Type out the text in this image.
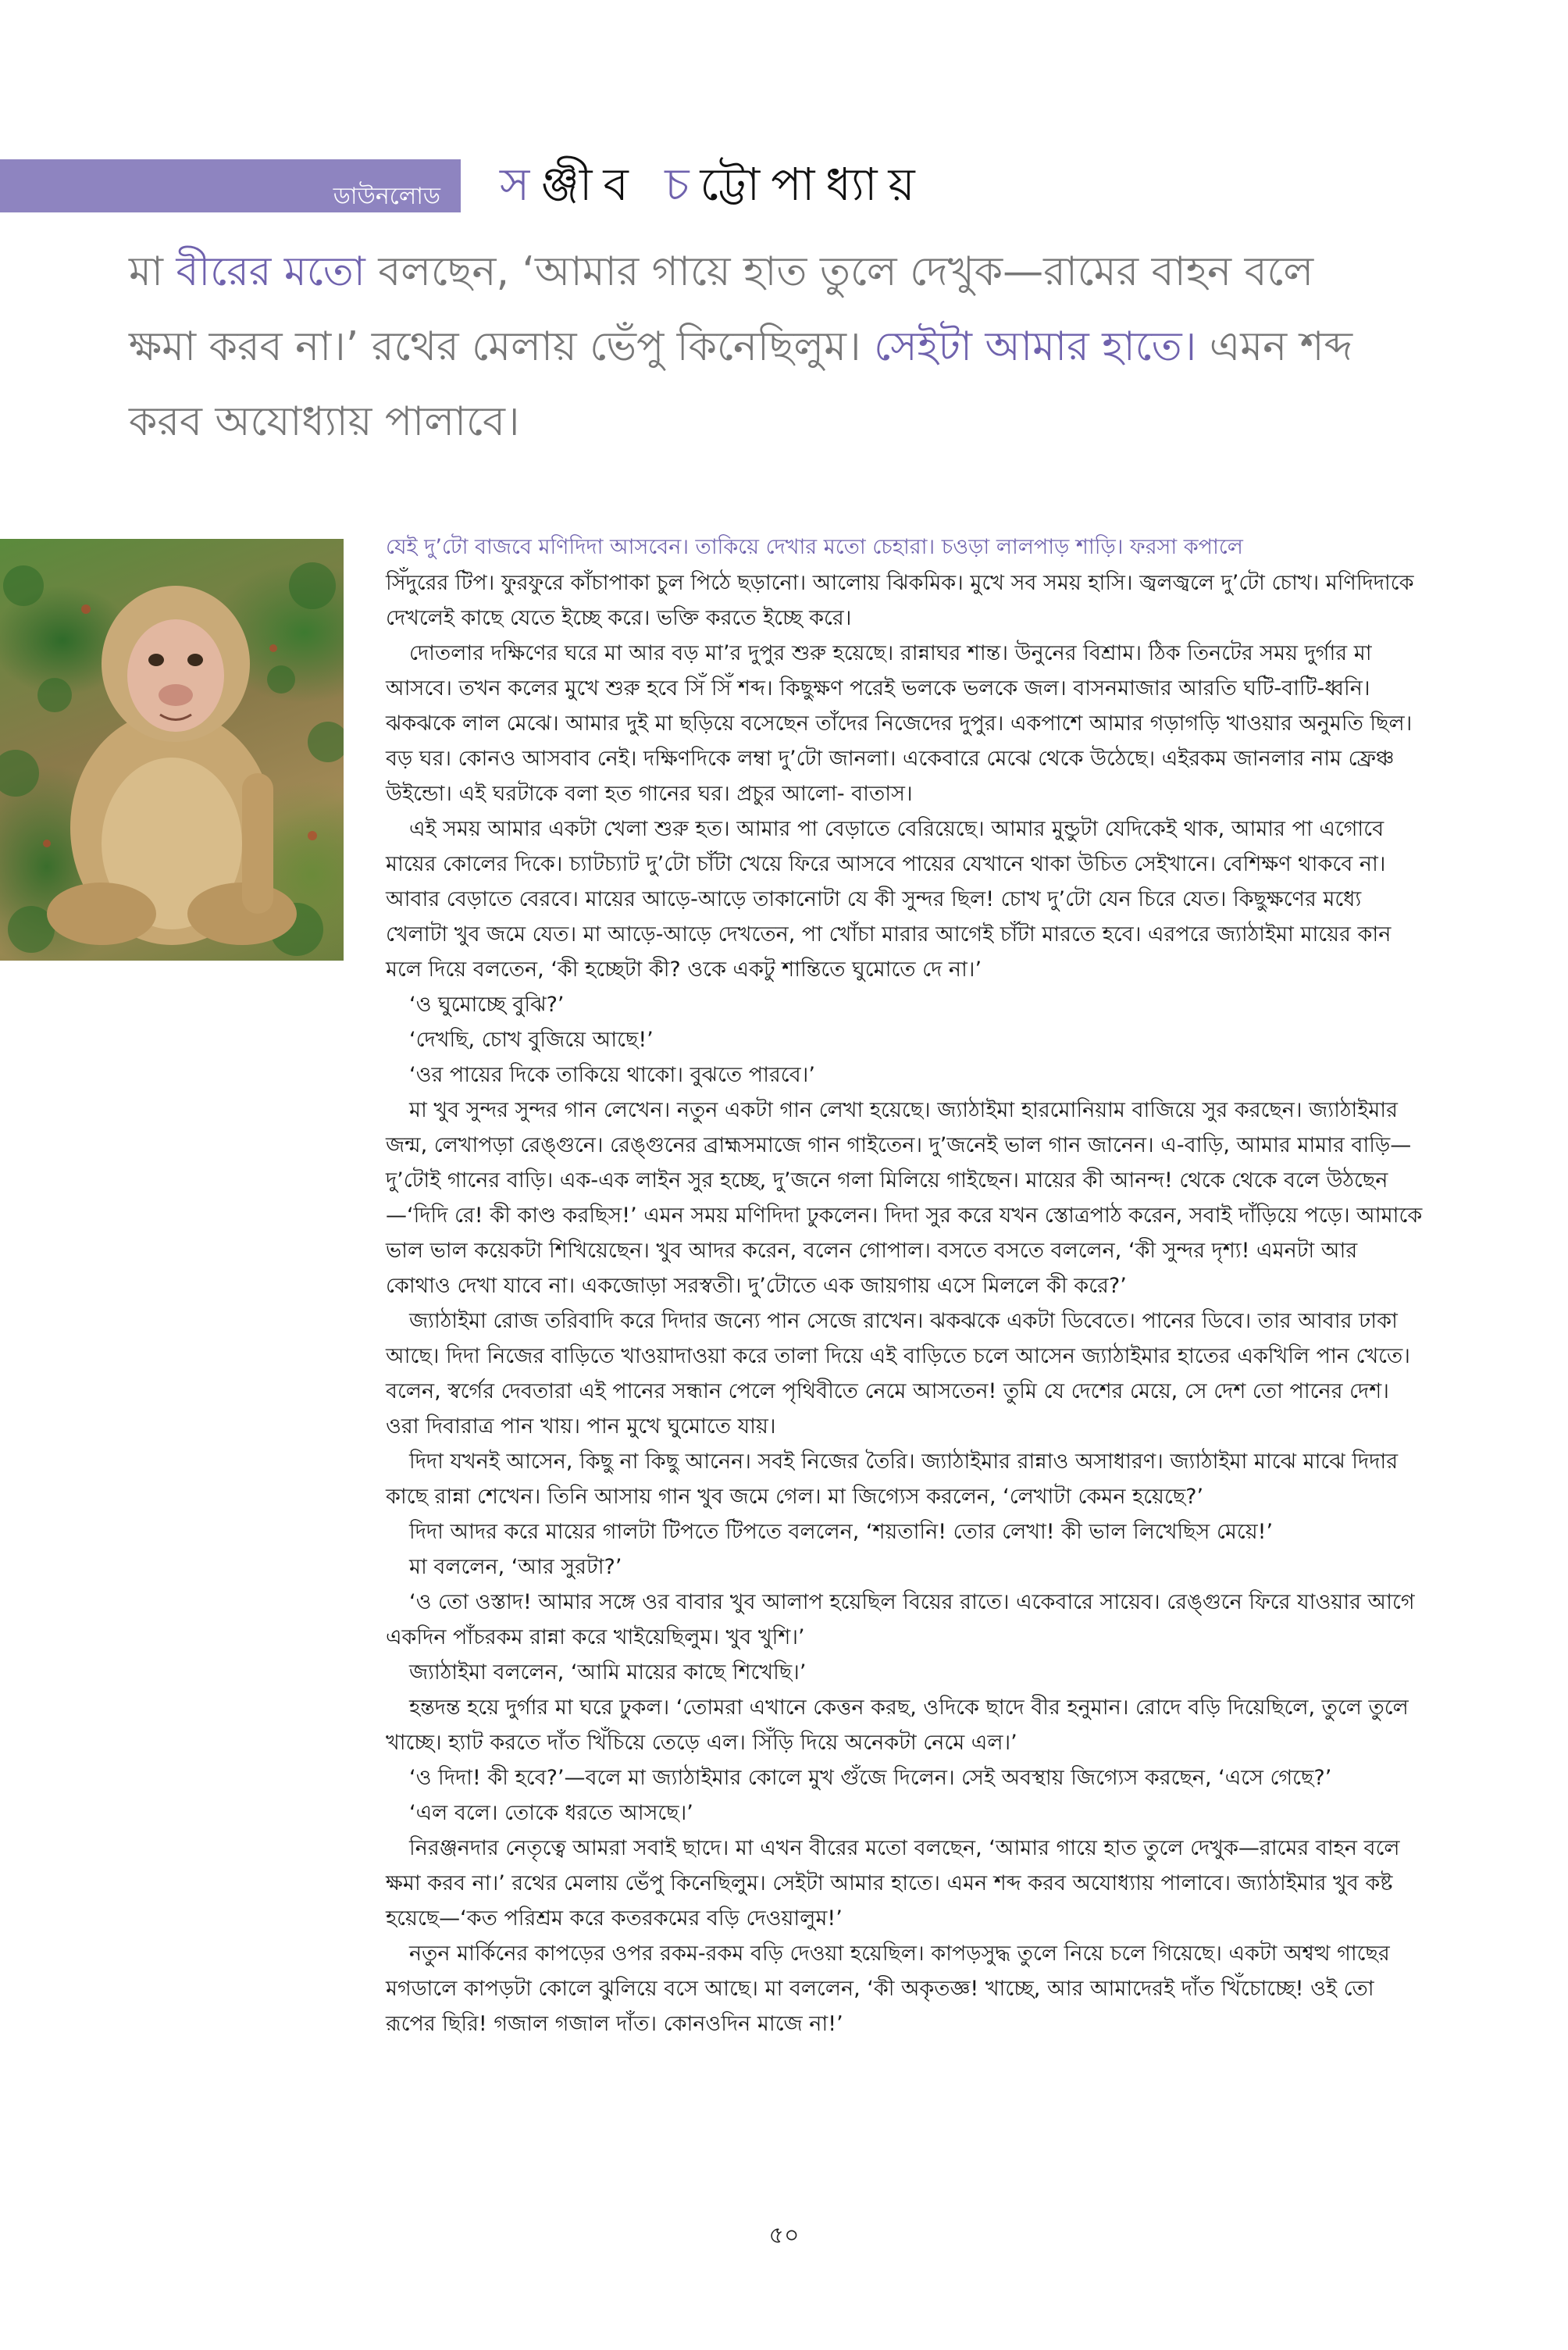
ডাউনলোড সঞ্জীব চট্টোপাধ্যায়
মা বীরের মতো বলছেন, ‘আমার গায়ে হাত তুলে দেখুক—রামের বাহন বলে ক্ষমা করব না।’ রথের মেলায় ভেঁপু কিনেছিলুম। সেইটা আমার হাতে। এমন শব্দ করব অযোধ্যায় পালাবে।
যেই দু’টো বাজবে মণিদিদা আসবেন। তাকিয়ে দেখার মতো চেহারা। চওড়া লালপাড় শাড়ি। ফরসা কপালে

সিঁদুরের টিপ। ফুরফুরে কাঁচাপাকা চুল পিঠে ছড়ানো। আলোয় ঝিকমিক। মুখে সব সময় হাসি। জ্বলজ্বলে দু’টো চোখ। মণিদিদাকে দেখলেই কাছে যেতে ইচ্ছে করে। ভক্তি করতে ইচ্ছে করে।

দোতলার দক্ষিণের ঘরে মা আর বড় মা’র দুপুর শুরু হয়েছে। রান্নাঘর শান্ত। উনুনের বিশ্রাম। ঠিক তিনটের সময় দুর্গার মা আসবে। তখন কলের মুখে শুরু হবে সিঁ সিঁ শব্দ। কিছুক্ষণ পরেই ভলকে ভলকে জল। বাসনমাজার আরতি ঘটি-বাটি-ধ্বনি। ঝকঝকে লাল মেঝে। আমার দুই মা ছড়িয়ে বসেছেন তাঁদের নিজেদের দুপুর। একপাশে আমার গড়াগড়ি খাওয়ার অনুমতি ছিল। বড় ঘর। কোনও আসবাব নেই। দক্ষিণদিকে লম্বা দু’টো জানলা। একেবারে মেঝে থেকে উঠেছে। এইরকম জানলার নাম ফ্রেঞ্চ উইন্ডো। এই ঘরটাকে বলা হত গানের ঘর। প্রচুর আলো- বাতাস।

এই সময় আমার একটা খেলা শুরু হত। আমার পা বেড়াতে বেরিয়েছে। আমার মুন্ডুটা যেদিকেই থাক, আমার পা এগোবে মায়ের কোলের দিকে। চ্যাটচ্যাট দু’টো চাঁটা খেয়ে ফিরে আসবে পায়ের যেখানে থাকা উচিত সেইখানে। বেশিক্ষণ থাকবে না। আবার বেড়াতে বেরবে। মায়ের আড়ে-আড়ে তাকানোটা যে কী সুন্দর ছিল! চোখ দু’টো যেন চিরে যেত। কিছুক্ষণের মধ্যে খেলাটা খুব জমে যেত। মা আড়ে-আড়ে দেখতেন, পা খোঁচা মারার আগেই চাঁটা মারতে হবে। এরপরে জ্যাঠাইমা মায়ের কান মলে দিয়ে বলতেন, ‘কী হচ্ছেটা কী? ওকে একটু শান্তিতে ঘুমোতে দে না।’

‘ও ঘুমোচ্ছে বুঝি?’

‘দেখছি, চোখ বুজিয়ে আছে!’

‘ওর পায়ের দিকে তাকিয়ে থাকো। বুঝতে পারবে।’

মা খুব সুন্দর সুন্দর গান লেখেন। নতুন একটা গান লেখা হয়েছে। জ্যাঠাইমা হারমোনিয়াম বাজিয়ে সুর করছেন। জ্যাঠাইমার জন্ম, লেখাপড়া রেঙ্গুনে। রেঙ্গুনের ব্রাহ্মসমাজে গান গাইতেন। দু’জনেই ভাল গান জানেন। এ-বাড়ি, আমার মামার বাড়ি—দু’টোই গানের বাড়ি। এক-এক লাইন সুর হচ্ছে, দু’জনে গলা মিলিয়ে গাইছেন। মায়ের কী আনন্দ! থেকে থেকে বলে উঠছেন—‘দিদি রে! কী কাণ্ড করছিস!’ এমন সময় মণিদিদা ঢুকলেন। দিদা সুর করে যখন স্তোত্রপাঠ করেন, সবাই দাঁড়িয়ে পড়ে। আমাকে ভাল ভাল কয়েকটা শিখিয়েছেন। খুব আদর করেন, বলেন গোপাল। বসতে বসতে বললেন, ‘কী সুন্দর দৃশ্য! এমনটা আর কোথাও দেখা যাবে না। একজোড়া সরস্বতী। দু’টোতে এক জায়গায় এসে মিললে কী করে?’

জ্যাঠাইমা রোজ তরিবাদি করে দিদার জন্যে পান সেজে রাখেন। ঝকঝকে একটা ডিবেতে। পানের ডিবে। তার আবার ঢাকা আছে। দিদা নিজের বাড়িতে খাওয়াদাওয়া করে তালা দিয়ে এই বাড়িতে চলে আসেন জ্যাঠাইমার হাতের একখিলি পান খেতে। বলেন, স্বর্গের দেবতারা এই পানের সন্ধান পেলে পৃথিবীতে নেমে আসতেন! তুমি যে দেশের মেয়ে, সে দেশ তো পানের দেশ। ওরা দিবারাত্র পান খায়। পান মুখে ঘুমোতে যায়।

দিদা যখনই আসেন, কিছু না কিছু আনেন। সবই নিজের তৈরি। জ্যাঠাইমার রান্নাও অসাধারণ। জ্যাঠাইমা মাঝে মাঝে দিদার কাছে রান্না শেখেন। তিনি আসায় গান খুব জমে গেল। মা জিগ্যেস করলেন, ‘লেখাটা কেমন হয়েছে?’

দিদা আদর করে মায়ের গালটা টিপতে টিপতে বললেন, ‘শয়তানি! তোর লেখা! কী ভাল লিখেছিস মেয়ে!’

মা বললেন, ‘আর সুরটা?’

‘ও তো ওস্তাদ! আমার সঙ্গে ওর বাবার খুব আলাপ হয়েছিল বিয়ের রাতে। একেবারে সায়েব। রেঙ্গুনে ফিরে যাওয়ার আগে একদিন পাঁচরকম রান্না করে খাইয়েছিলুম। খুব খুশি।’

জ্যাঠাইমা বললেন, ‘আমি মায়ের কাছে শিখেছি।’

হন্তদন্ত হয়ে দুর্গার মা ঘরে ঢুকল। ‘তোমরা এখানে কেত্তন করছ, ওদিকে ছাদে বীর হনুমান। রোদে বড়ি দিয়েছিলে, তুলে তুলে খাচ্ছে। হ্যাট করতে দাঁত খিঁচিয়ে তেড়ে এল। সিঁড়ি দিয়ে অনেকটা নেমে এল।’

‘ও দিদা! কী হবে?’—বলে মা জ্যাঠাইমার কোলে মুখ গুঁজে দিলেন। সেই অবস্থায় জিগ্যেস করছেন, ‘এসে গেছে?’

‘এল বলে। তোকে ধরতে আসছে।’

নিরঞ্জনদার নেতৃত্বে আমরা সবাই ছাদে। মা এখন বীরের মতো বলছেন, ‘আমার গায়ে হাত তুলে দেখুক—রামের বাহন বলে ক্ষমা করব না।’ রথের মেলায় ভেঁপু কিনেছিলুম। সেইটা আমার হাতে। এমন শব্দ করব অযোধ্যায় পালাবে। জ্যাঠাইমার খুব কষ্ট হয়েছে—‘কত পরিশ্রম করে কতরকমের বড়ি দেওয়ালুম!’

নতুন মার্কিনের কাপড়ের ওপর রকম-রকম বড়ি দেওয়া হয়েছিল। কাপড়সুদ্ধ তুলে নিয়ে চলে গিয়েছে। একটা অশ্বত্থ গাছের মগডালে কাপড়টা কোলে ঝুলিয়ে বসে আছে। মা বললেন, ‘কী অকৃতজ্ঞ! খাচ্ছে, আর আমাদেরই দাঁত খিঁচোচ্ছে! ওই তো রূপের ছিরি! গজাল গজাল দাঁত। কোনওদিন মাজে না!’

৫০
